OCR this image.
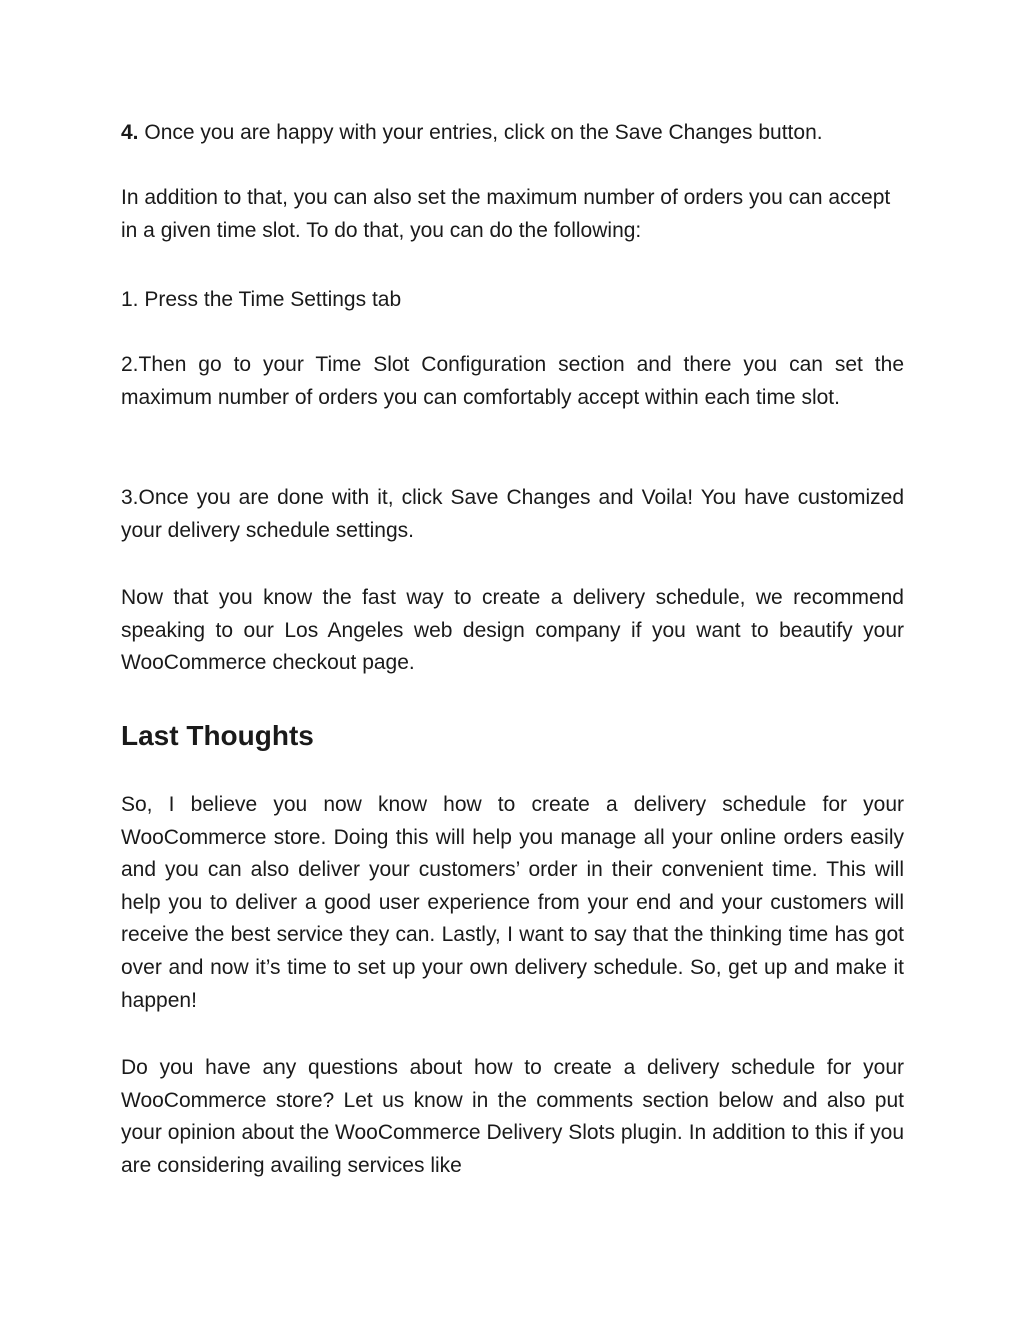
4. Once you are happy with your entries, click on the Save Changes button.

In addition to that, you can also set the maximum number of orders you can accept in a given time slot. To do that, you can do the following:

1. Press the Time Settings tab

2.Then go to your Time Slot Configuration section and there you can set the maximum number of orders you can comfortably accept within each time slot.

3.Once you are done with it, click Save Changes and Voila! You have customized your delivery schedule settings.

Now that you know the fast way to create a delivery schedule, we recommend speaking to our Los Angeles web design company if you want to beautify your WooCommerce checkout page.

Last Thoughts

So, I believe you now know how to create a delivery schedule for your WooCommerce store. Doing this will help you manage all your online orders easily and you can also deliver your customers’ order in their convenient time. This will help you to deliver a good user experience from your end and your customers will receive the best service they can. Lastly, I want to say that the thinking time has got over and now it’s time to set up your own delivery schedule. So, get up and make it happen!

Do you have any questions about how to create a delivery schedule for your WooCommerce store? Let us know in the comments section below and also put your opinion about the WooCommerce Delivery Slots plugin. In addition to this if you are considering availing services like
